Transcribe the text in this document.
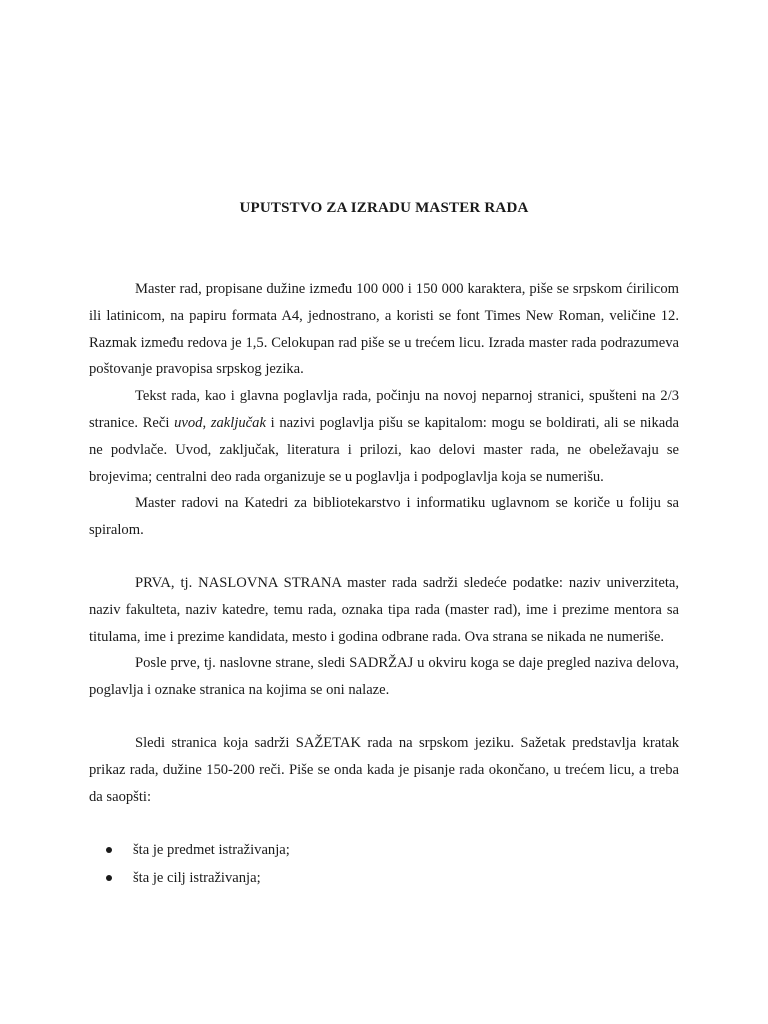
UPUTSTVO ZA IZRADU MASTER RADA

Master rad, propisane dužine između 100 000 i 150 000 karaktera, piše se srpskom ćirilicom ili latinicom, na papiru formata A4, jednostrano, a koristi se font Times New Roman, veličine 12. Razmak između redova je 1,5. Celokupan rad piše se u trećem licu. Izrada master rada podrazumeva poštovanje pravopisa srpskog jezika.

Tekst rada, kao i glavna poglavlja rada, počinju na novoj neparnoj stranici, spušteni na 2/3 stranice. Reči uvod, zaključak i nazivi poglavlja pišu se kapitalom: mogu se boldirati, ali se nikada ne podvlače. Uvod, zaključak, literatura i prilozi, kao delovi master rada, ne obeležavaju se brojevima; centralni deo rada organizuje se u poglavlja i podpoglavlja koja se numerišu.

Master radovi na Katedri za bibliotekarstvo i informatiku uglavnom se koriče u foliju sa spiralom.

PRVA, tj. NASLOVNA STRANA master rada sadrži sledeće podatke: naziv univerziteta, naziv fakulteta, naziv katedre, temu rada, oznaka tipa rada (master rad), ime i prezime mentora sa titulama, ime i prezime kandidata, mesto i godina odbrane rada. Ova strana se nikada ne numeriše.

Posle prve, tj. naslovne strane, sledi SADRŽAJ u okviru koga se daje pregled naziva delova, poglavlja i oznake stranica na kojima se oni nalaze.

Sledi stranica koja sadrži SAŽETAK rada na srpskom jeziku. Sažetak predstavlja kratak prikaz rada, dužine 150-200 reči. Piše se onda kada je pisanje rada okončano, u trećem licu, a treba da saopšti:

šta je predmet istraživanja;
šta je cilj istraživanja;
